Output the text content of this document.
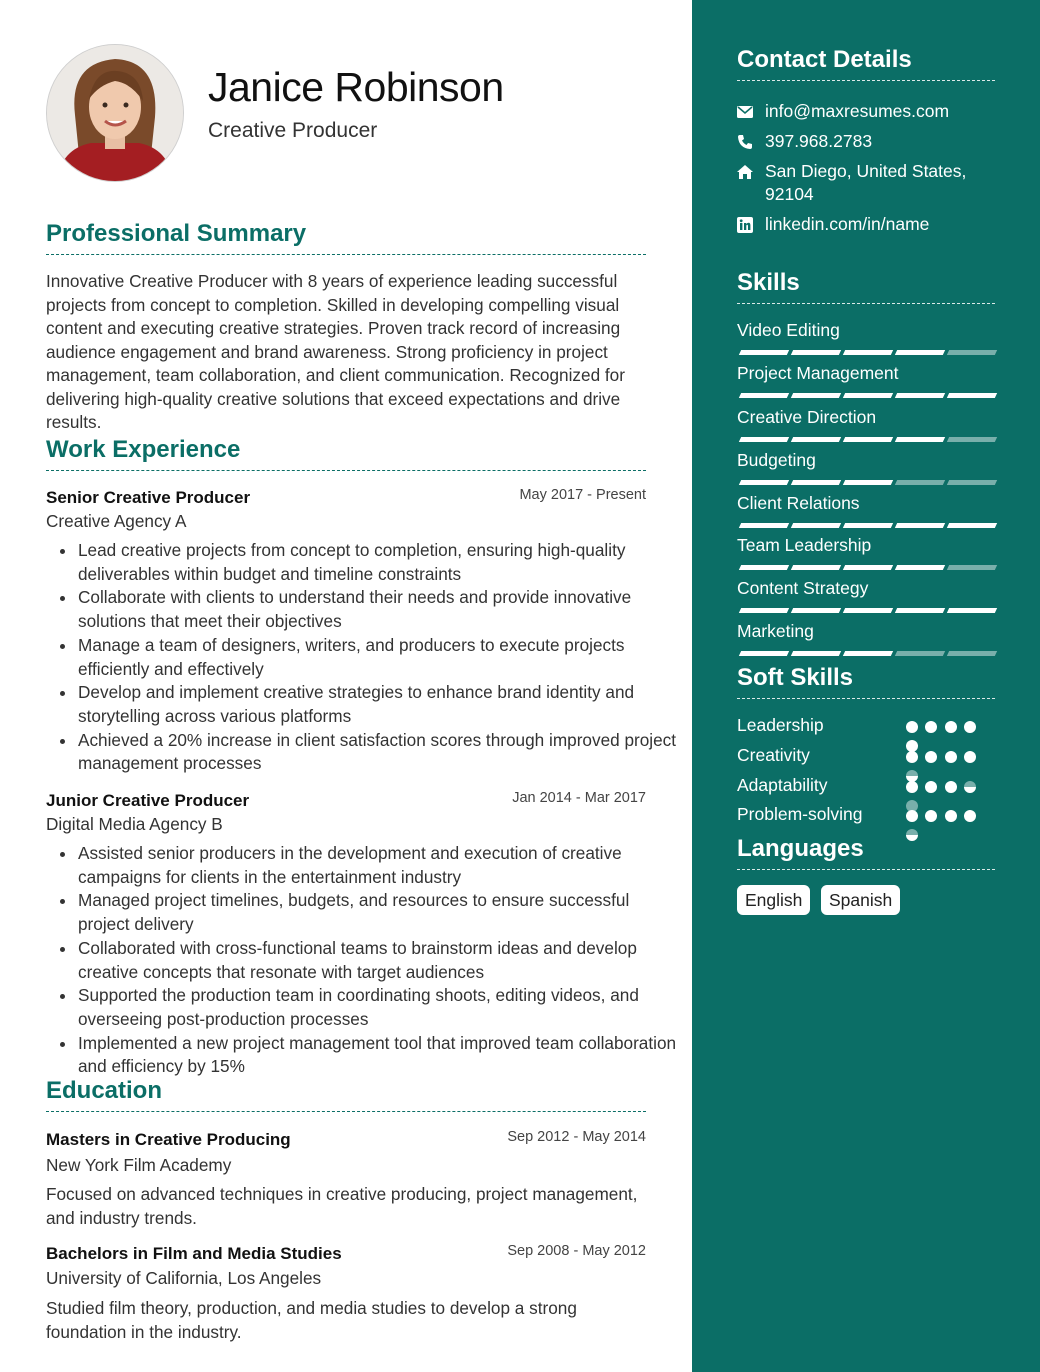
Janice Robinson
Creative Producer
Professional Summary
Innovative Creative Producer with 8 years of experience leading successful projects from concept to completion. Skilled in developing compelling visual content and executing creative strategies. Proven track record of increasing audience engagement and brand awareness. Strong proficiency in project management, team collaboration, and client communication. Recognized for delivering high-quality creative solutions that exceed expectations and drive results.
Work Experience
Senior Creative Producer	May 2017 - Present
Creative Agency A
Lead creative projects from concept to completion, ensuring high-quality deliverables within budget and timeline constraints
Collaborate with clients to understand their needs and provide innovative solutions that meet their objectives
Manage a team of designers, writers, and producers to execute projects efficiently and effectively
Develop and implement creative strategies to enhance brand identity and storytelling across various platforms
Achieved a 20% increase in client satisfaction scores through improved project management processes
Junior Creative Producer	Jan 2014 - Mar 2017
Digital Media Agency B
Assisted senior producers in the development and execution of creative campaigns for clients in the entertainment industry
Managed project timelines, budgets, and resources to ensure successful project delivery
Collaborated with cross-functional teams to brainstorm ideas and develop creative concepts that resonate with target audiences
Supported the production team in coordinating shoots, editing videos, and overseeing post-production processes
Implemented a new project management tool that improved team collaboration and efficiency by 15%
Education
Masters in Creative Producing	Sep 2012 - May 2014
New York Film Academy
Focused on advanced techniques in creative producing, project management, and industry trends.
Bachelors in Film and Media Studies	Sep 2008 - May 2012
University of California, Los Angeles
Studied film theory, production, and media studies to develop a strong foundation in the industry.
Contact Details
info@maxresumes.com
397.968.2783
San Diego, United States, 92104
linkedin.com/in/name
Skills
Video Editing
Project Management
Creative Direction
Budgeting
Client Relations
Team Leadership
Content Strategy
Marketing
Soft Skills
Leadership
Creativity
Adaptability
Problem-solving
Languages
English	Spanish
